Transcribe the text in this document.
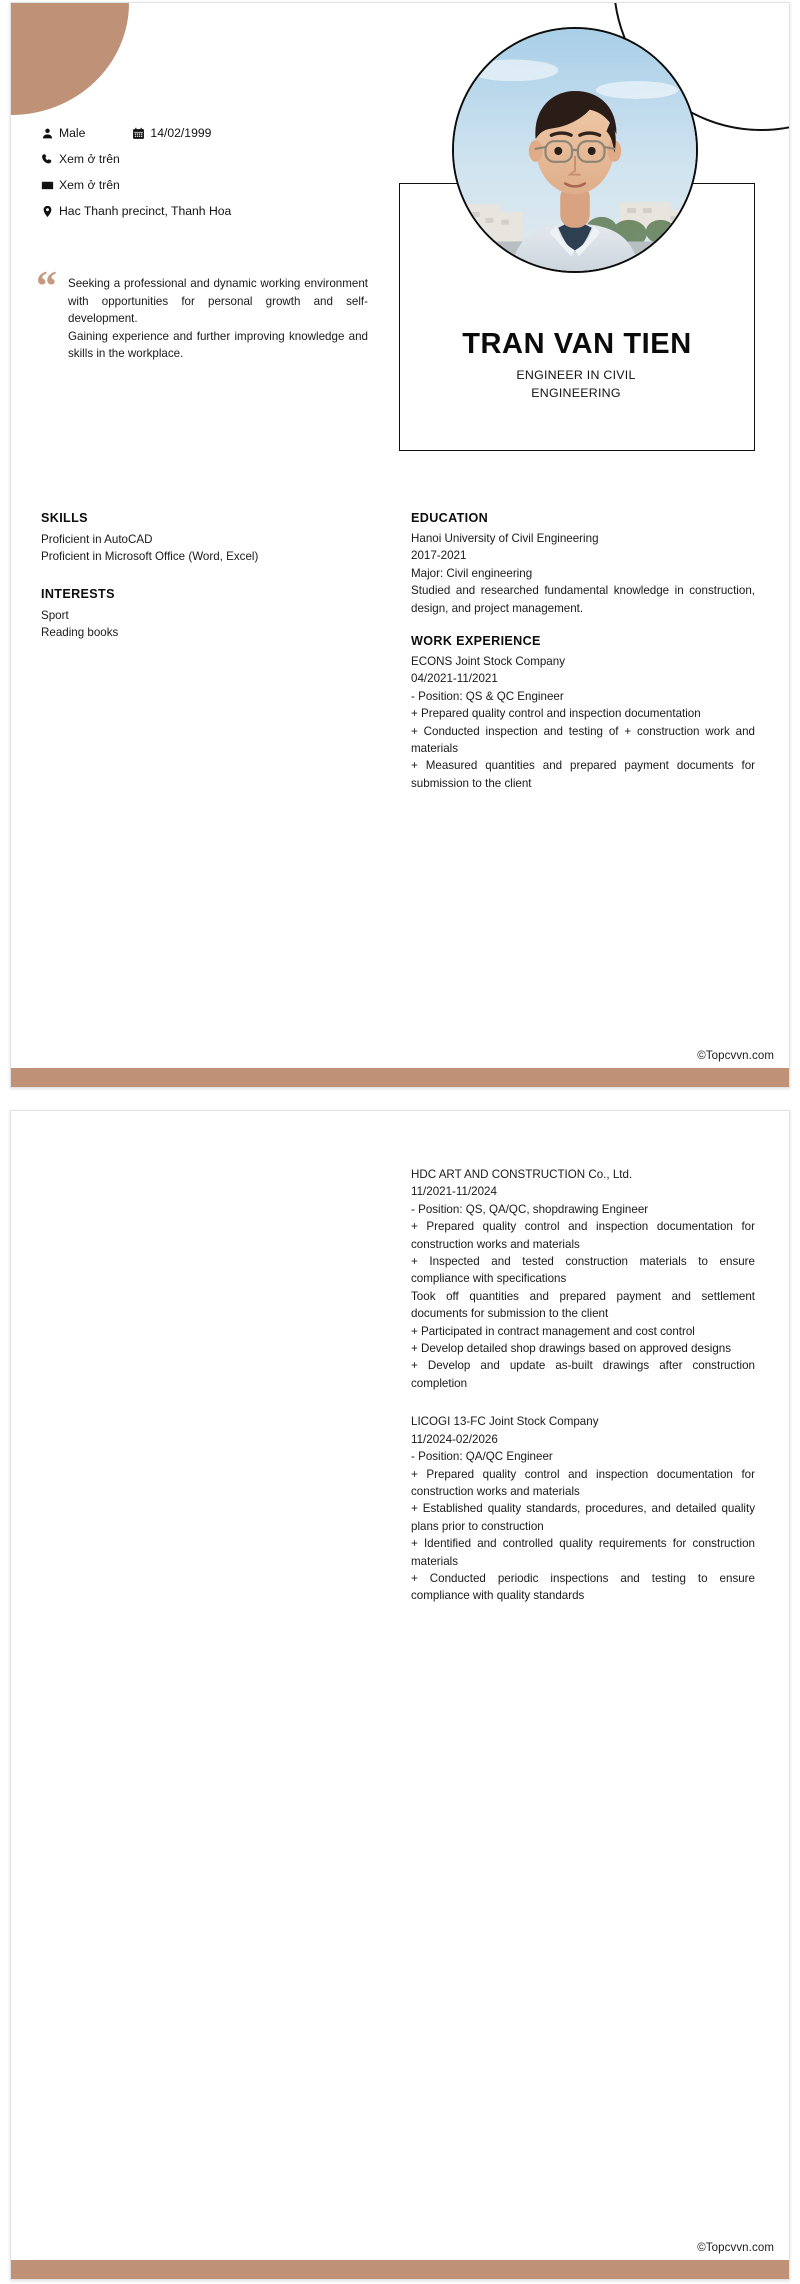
Male	14/02/1999
Xem ở trên
Xem ở trên
Hac Thanh precinct, Thanh Hoa
“ Seeking a professional and dynamic working environment with opportunities for personal growth and self-development.

Gaining experience and further improving knowledge and skills in the workplace.	TRAN VAN TIEN
ENGINEER IN CIVIL
ENGINEERING
SKILLS
Proficient in AutoCAD
Proficient in Microsoft Office (Word, Excel)
INTERESTS
Sport
Reading books
EDUCATION
Hanoi University of Civil Engineering
2017-2021
Major: Civil engineering
Studied and researched fundamental knowledge in construction, design, and project management.
WORK EXPERIENCE
ECONS Joint Stock Company
04/2021-11/2021
- Position: QS & QC Engineer
+ Prepared quality control and inspection documentation
+ Conducted inspection and testing of + construction work and materials
+ Measured quantities and prepared payment documents for submission to the client
©Topcvvn.com
HDC ART AND CONSTRUCTION Co., Ltd.
11/2021-11/2024
- Position: QS, QA/QC, shopdrawing Engineer
+ Prepared quality control and inspection documentation for construction works and materials
+ Inspected and tested construction materials to ensure compliance with specifications
Took off quantities and prepared payment and settlement documents for submission to the client
+ Participated in contract management and cost control
+ Develop detailed shop drawings based on approved designs
+ Develop and update as-built drawings after construction completion
LICOGI 13-FC Joint Stock Company
11/2024-02/2026
- Position: QA/QC Engineer
+ Prepared quality control and inspection documentation for construction works and materials
+ Established quality standards, procedures, and detailed quality plans prior to construction
+ Identified and controlled quality requirements for construction materials
+ Conducted periodic inspections and testing to ensure compliance with quality standards
©Topcvvn.com
